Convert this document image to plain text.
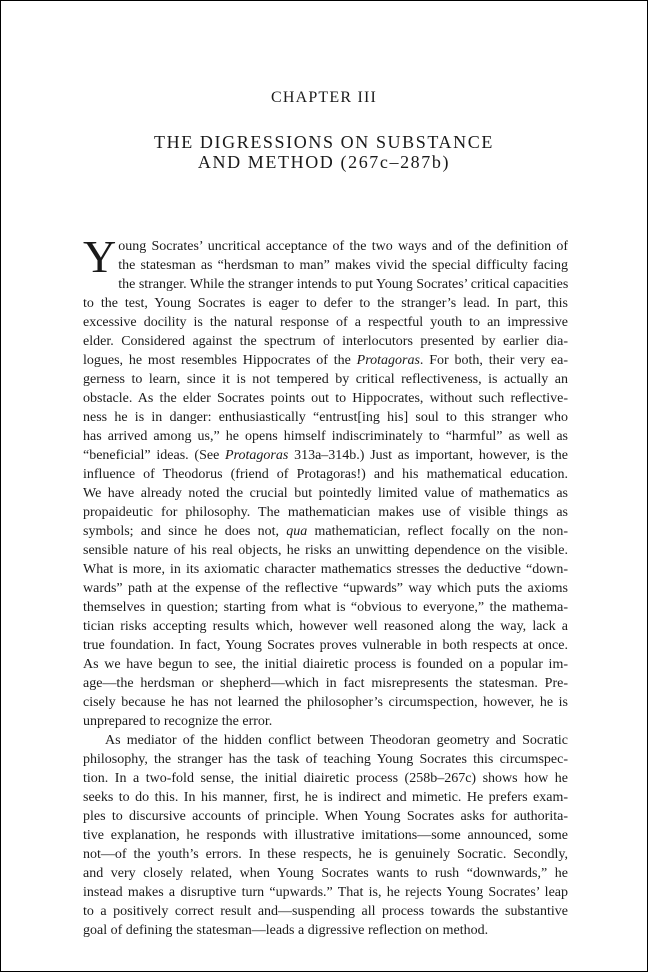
CHAPTER III
THE DIGRESSIONS ON SUBSTANCE
AND METHOD (267c–287b)
Y oung Socrates’ uncritical acceptance of the two ways and of the definition of
the statesman as “herdsman to man” makes vivid the special difficulty facing
the stranger. While the stranger intends to put Young Socrates’ critical capacities
to the test, Young Socrates is eager to defer to the stranger’s lead. In part, this
excessive docility is the natural response of a respectful youth to an impressive
elder. Considered against the spectrum of interlocutors presented by earlier dia-
logues, he most resembles Hippocrates of the Protagoras. For both, their very ea-
gerness to learn, since it is not tempered by critical reflectiveness, is actually an
obstacle. As the elder Socrates points out to Hippocrates, without such reflective-
ness he is in danger: enthusiastically “entrust[ing his] soul to this stranger who
has arrived among us,” he opens himself indiscriminately to “harmful” as well as
“beneficial” ideas. (See Protagoras 313a–314b.) Just as important, however, is the
influence of Theodorus (friend of Protagoras!) and his mathematical education.
We have already noted the crucial but pointedly limited value of mathematics as
propaideutic for philosophy. The mathematician makes use of visible things as
symbols; and since he does not, qua mathematician, reflect focally on the non-
sensible nature of his real objects, he risks an unwitting dependence on the visible.
What is more, in its axiomatic character mathematics stresses the deductive “down-
wards” path at the expense of the reflective “upwards” way which puts the axioms
themselves in question; starting from what is “obvious to everyone,” the mathema-
tician risks accepting results which, however well reasoned along the way, lack a
true foundation. In fact, Young Socrates proves vulnerable in both respects at once.
As we have begun to see, the initial diairetic process is founded on a popular im-
age—the herdsman or shepherd—which in fact misrepresents the statesman. Pre-
cisely because he has not learned the philosopher’s circumspection, however, he is
unprepared to recognize the error.
As mediator of the hidden conflict between Theodoran geometry and Socratic
philosophy, the stranger has the task of teaching Young Socrates this circumspec-
tion. In a two-fold sense, the initial diairetic process (258b–267c) shows how he
seeks to do this. In his manner, first, he is indirect and mimetic. He prefers exam-
ples to discursive accounts of principle. When Young Socrates asks for authorita-
tive explanation, he responds with illustrative imitations—some announced, some
not—of the youth’s errors. In these respects, he is genuinely Socratic. Secondly,
and very closely related, when Young Socrates wants to rush “downwards,” he
instead makes a disruptive turn “upwards.” That is, he rejects Young Socrates’ leap
to a positively correct result and—suspending all process towards the substantive
goal of defining the statesman—leads a digressive reflection on method.
